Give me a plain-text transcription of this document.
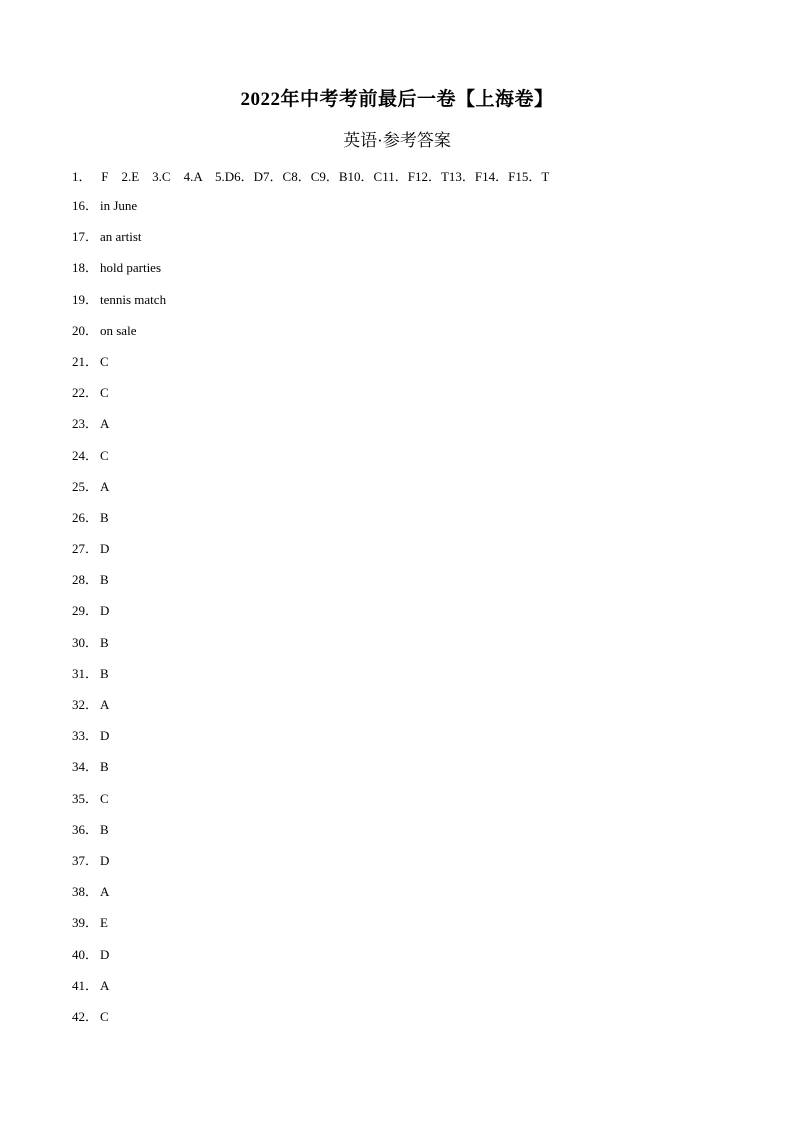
2022年中考考前最后一卷【上海卷】
英语·参考答案
1．   F    2.E    3.C    4.A    5.D6．D7．C8．C9．B10．C11．F12．T13．F14．F15．T
16． in June
17． an artist
18． hold parties
19． tennis match
20． on sale
21． C
22． C
23． A
24． C
25． A
26． B
27． D
28． B
29． D
30． B
31． B
32． A
33． D
34． B
35． C
36． B
37． D
38． A
39． E
40． D
41． A
42． C
